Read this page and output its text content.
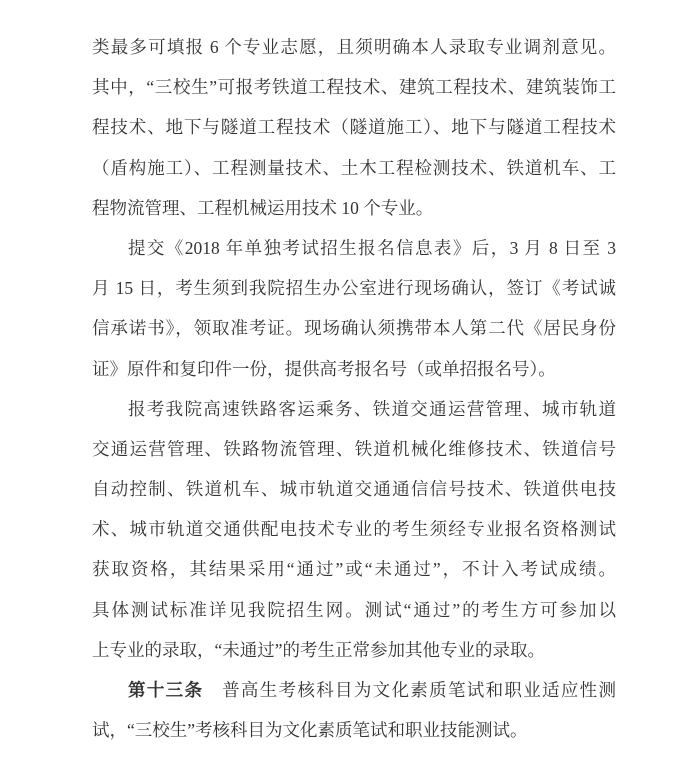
类最多可填报 6 个专业志愿，且须明确本人录取专业调剂意见。
其中，“三校生”可报考铁道工程技术、建筑工程技术、建筑装饰工
程技术、地下与隧道工程技术（隧道施工）、地下与隧道工程技术
（盾构施工）、工程测量技术、土木工程检测技术、铁道机车、工
程物流管理、工程机械运用技术 10 个专业。
提交《2018 年单独考试招生报名信息表》后，3 月 8 日至 3
月 15 日，考生须到我院招生办公室进行现场确认，签订《考试诚
信承诺书》，领取准考证。现场确认须携带本人第二代《居民身份
证》原件和复印件一份，提供高考报名号（或单招报名号）。
报考我院高速铁路客运乘务、铁道交通运营管理、城市轨道
交通运营管理、铁路物流管理、铁道机械化维修技术、铁道信号
自动控制、铁道机车、城市轨道交通通信信号技术、铁道供电技
术、城市轨道交通供配电技术专业的考生须经专业报名资格测试
获取资格，其结果采用“通过”或“未通过”，不计入考试成绩。
具体测试标准详见我院招生网。测试“通过”的考生方可参加以
上专业的录取，“未通过”的考生正常参加其他专业的录取。
第十三条　普高生考核科目为文化素质笔试和职业适应性测
试，“三校生”考核科目为文化素质笔试和职业技能测试。
